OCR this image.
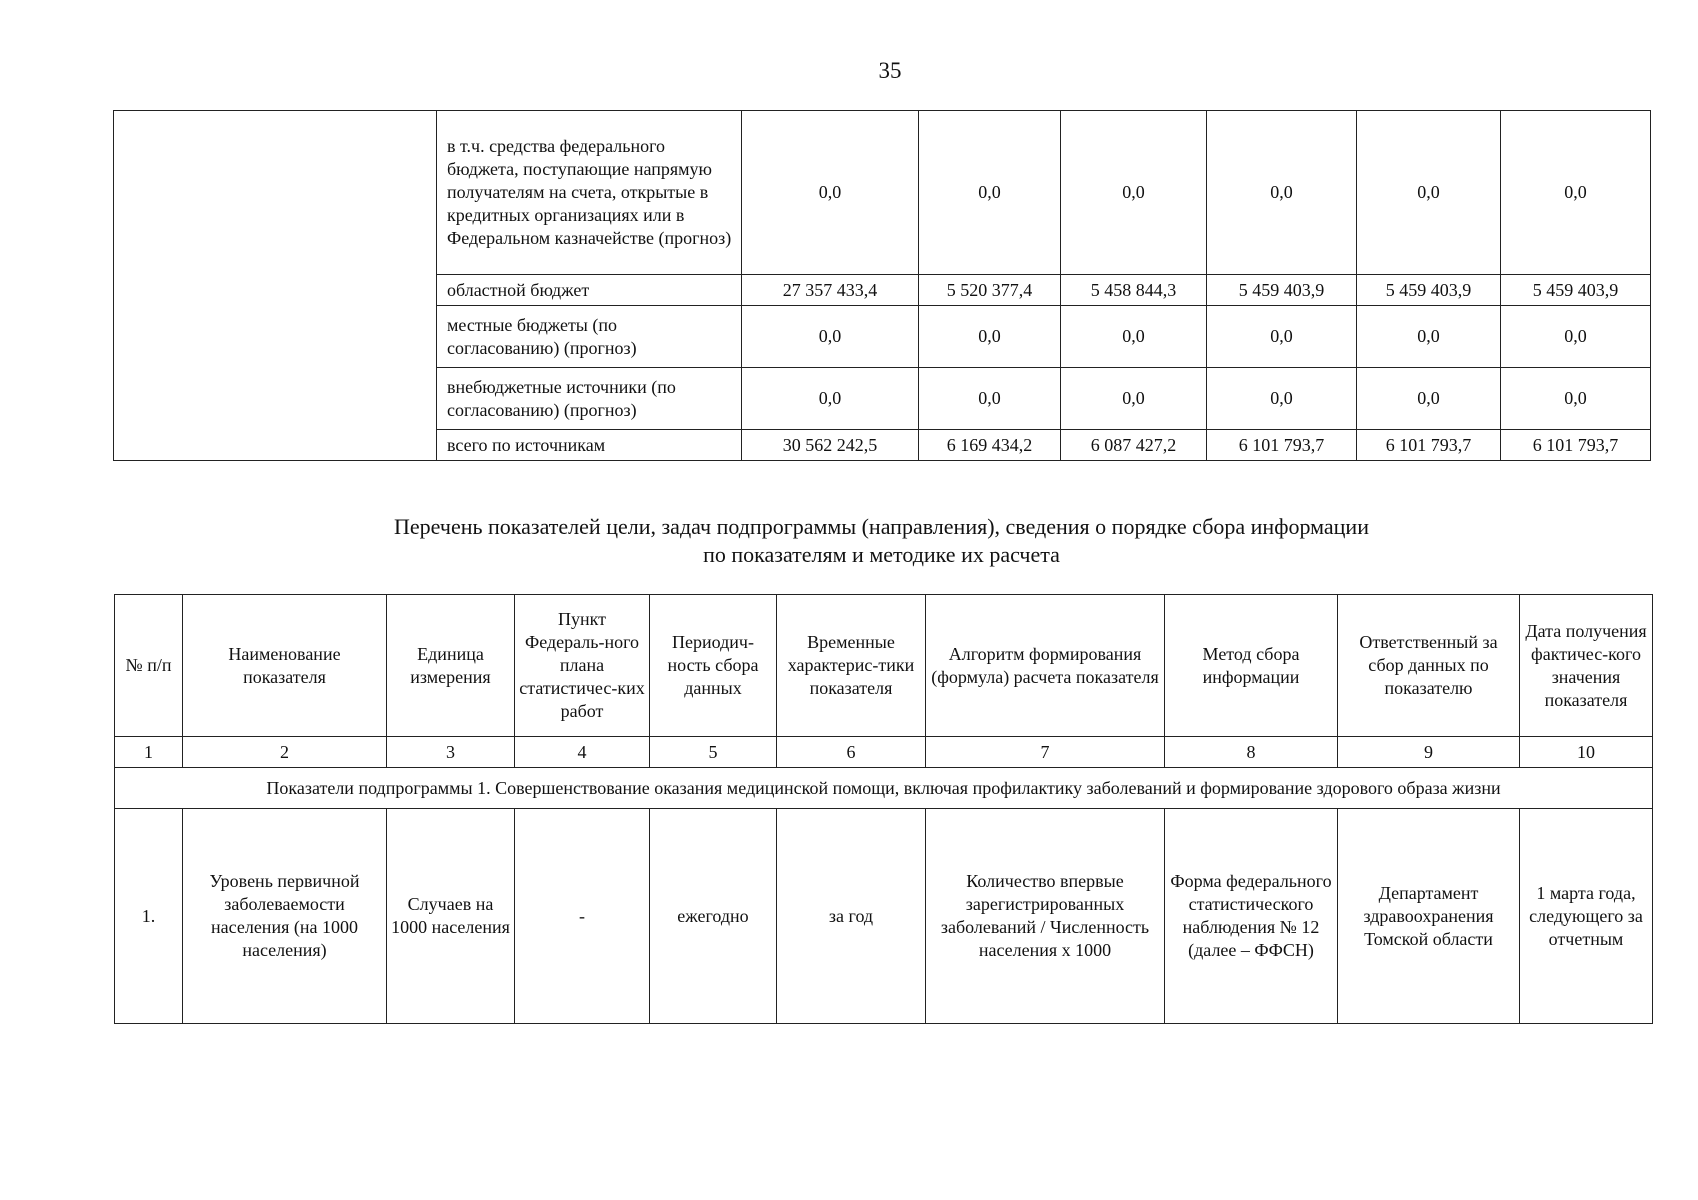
35
	в т.ч. средства федерального бюджета, поступающие напрямую получателям на счета, открытые в кредитных организациях или в Федеральном казначействе (прогноз)	0,0	0,0	0,0	0,0	0,0	0,0
	областной бюджет	27 357 433,4	5 520 377,4	5 458 844,3	5 459 403,9	5 459 403,9	5 459 403,9
	местные бюджеты (по согласованию) (прогноз)	0,0	0,0	0,0	0,0	0,0	0,0
	внебюджетные источники (по согласованию) (прогноз)	0,0	0,0	0,0	0,0	0,0	0,0
	всего по источникам	30 562 242,5	6 169 434,2	6 087 427,2	6 101 793,7	6 101 793,7	6 101 793,7
Перечень показателей цели, задач подпрограммы (направления), сведения о порядке сбора информации
по показателям и методике их расчета
№ п/п	Наименование показателя	Единица измерения	Пункт Федераль-ного плана статистичес-ких работ	Периодич-ность сбора данных	Временные характерис-тики показателя	Алгоритм формирования (формула) расчета показателя	Метод сбора информации	Ответственный за сбор данных по показателю	Дата получения фактичес-кого значения показателя
1	2	3	4	5	6	7	8	9	10
Показатели подпрограммы 1. Совершенствование оказания медицинской помощи, включая профилактику заболеваний и формирование здорового образа жизни									
1.	Уровень первичной заболеваемости населения (на 1000 населения)	Случаев на 1000 населения	-	ежегодно	за год	Количество впервые зарегистрированных заболеваний / Численность населения х 1000	Форма федерального статистического наблюдения № 12 (далее – ФФСН)	Департамент здравоохранения Томской области	1 марта года, следующего за отчетным
